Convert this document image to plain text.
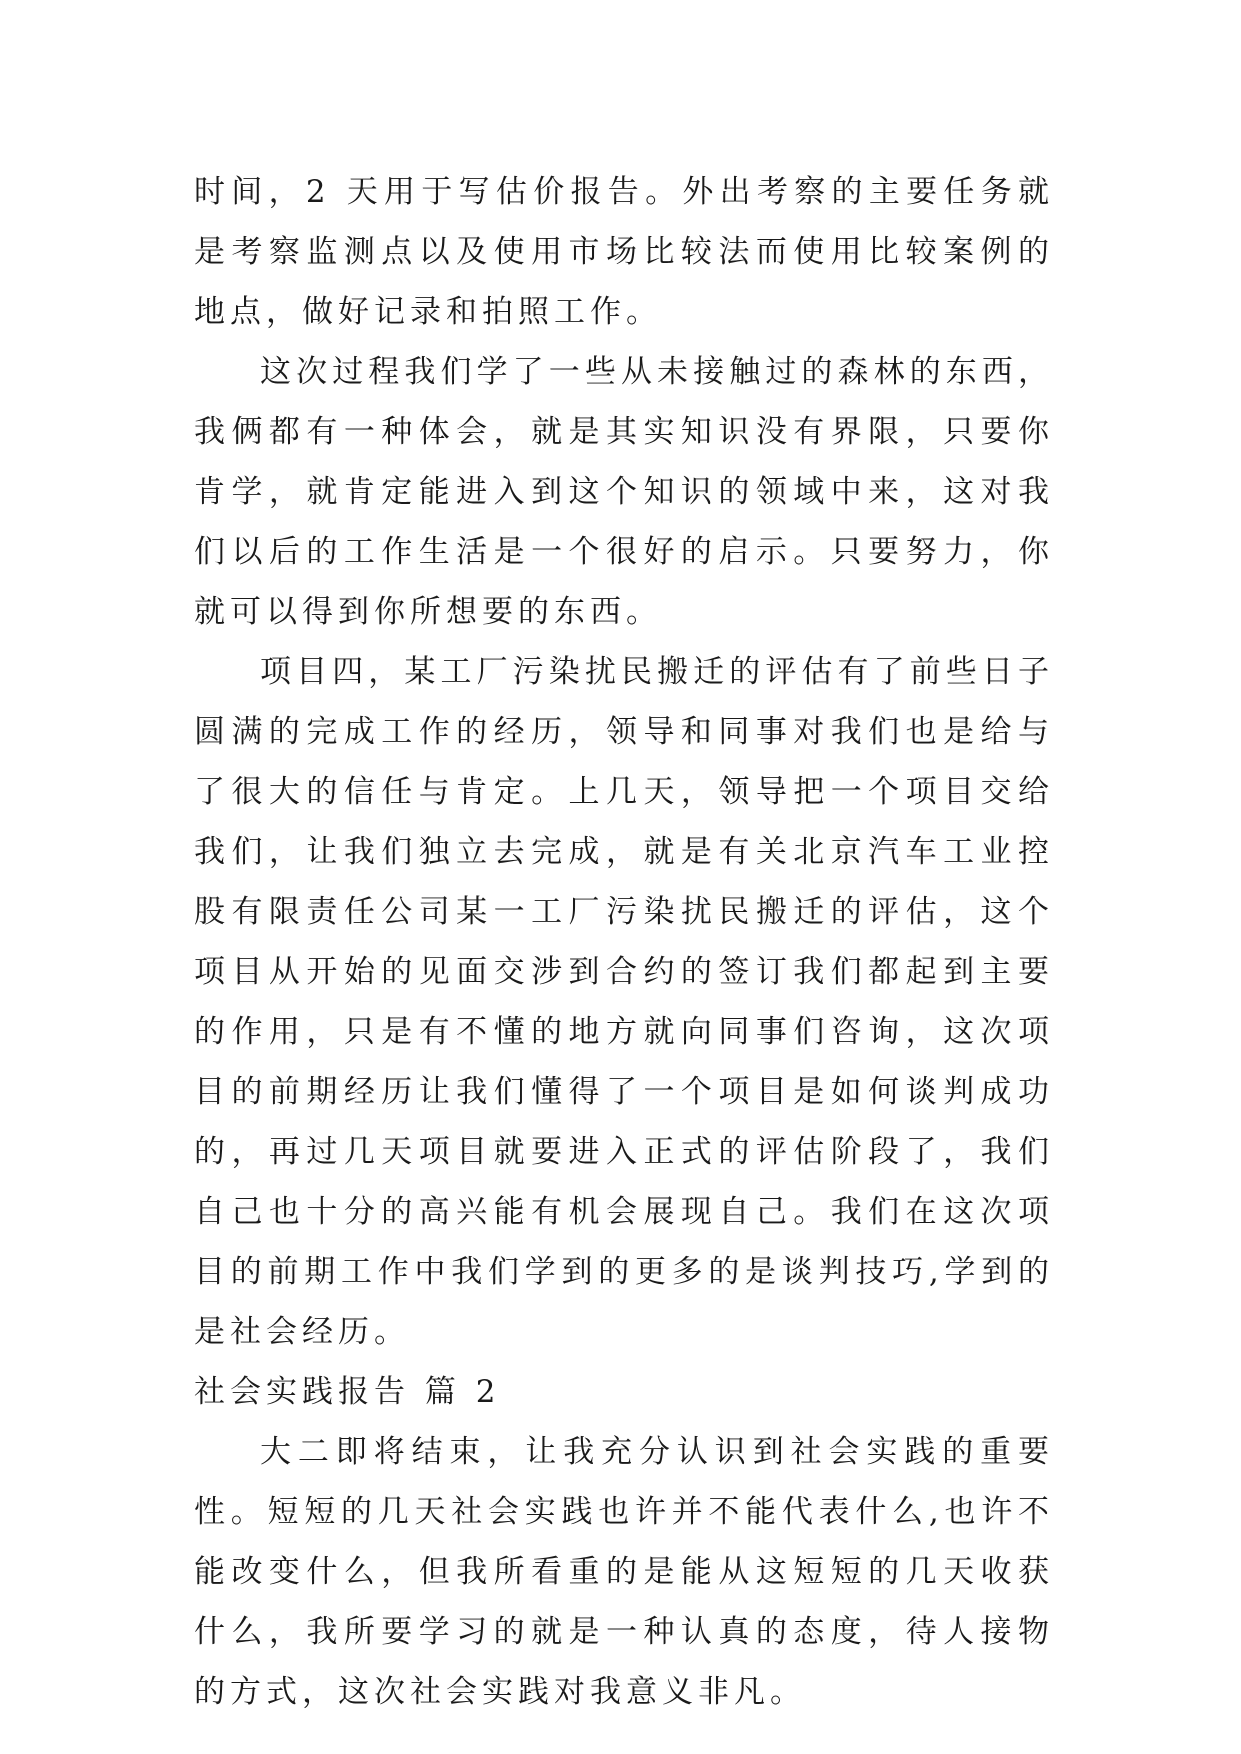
时间，2 天用于写估价报告。外出考察的主要任务就是考察监测点以及使用市场比较法而使用比较案例的地点，做好记录和拍照工作。

这次过程我们学了一些从未接触过的森林的东西，我俩都有一种体会，就是其实知识没有界限，只要你肯学，就肯定能进入到这个知识的领域中来，这对我们以后的工作生活是一个很好的启示。只要努力，你就可以得到你所想要的东西。

项目四，某工厂污染扰民搬迁的评估有了前些日子圆满的完成工作的经历，领导和同事对我们也是给与了很大的信任与肯定。上几天，领导把一个项目交给我们，让我们独立去完成，就是有关北京汽车工业控股有限责任公司某一工厂污染扰民搬迁的评估，这个项目从开始的见面交涉到合约的签订我们都起到主要的作用，只是有不懂的地方就向同事们咨询，这次项目的前期经历让我们懂得了一个项目是如何谈判成功的，再过几天项目就要进入正式的评估阶段了，我们自己也十分的高兴能有机会展现自己。我们在这次项目的前期工作中我们学到的更多的是谈判技巧,学到的是社会经历。

社会实践报告 篇 2

大二即将结束，让我充分认识到社会实践的重要性。短短的几天社会实践也许并不能代表什么,也许不能改变什么，但我所看重的是能从这短短的几天收获什么，我所要学习的就是一种认真的态度，待人接物的方式，这次社会实践对我意义非凡。
